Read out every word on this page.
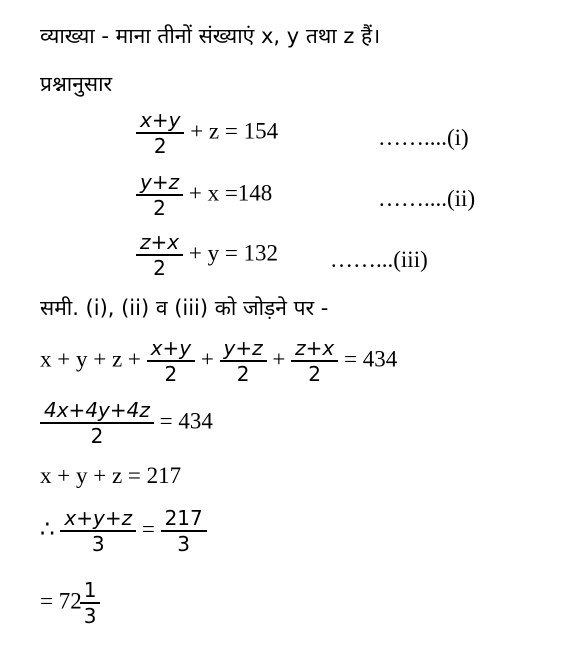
व्याख्या - माना तीनों संख्याएं x, y तथा z हैं।
प्रश्नानुसार
$\frac{x+y}{2} + z = 154$	……....(i)
$\frac{y+z}{2} + x =148$	……....(ii)
$\frac{z+x}{2} + y = 132$ ……...(iii)
समी. (i), (ii) व (iii) को जोड़ने पर -
$x + y + z + \frac{x+y}{2} + \frac{y+z}{2} + \frac{z+x}{2} = 434$
$\frac{4x+4y+4z}{2} = 434$
x + y + z = 217
∴ $\frac{x+y+z}{3} = \frac{217}{3}$
= $72 \frac{1}{3}$
